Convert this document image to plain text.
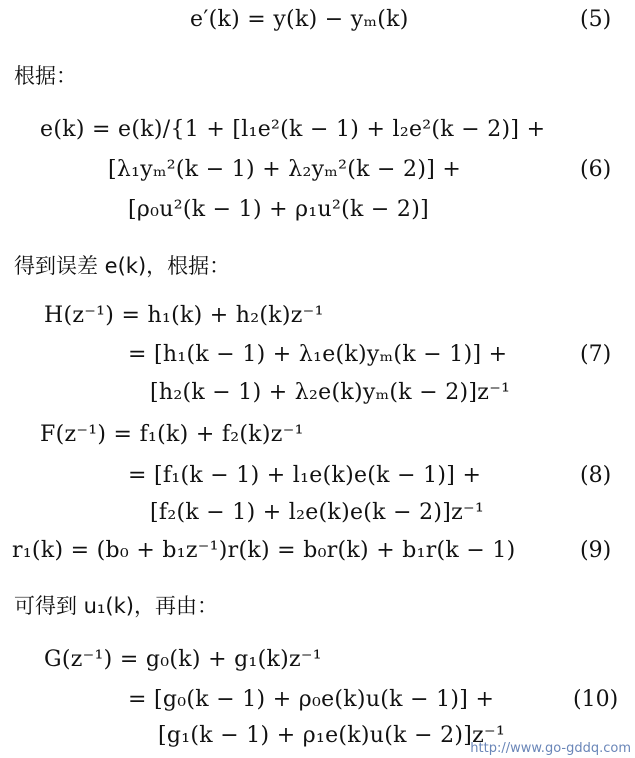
e′(k) = y(k) − yₘ(k)	(5)
根据：
e(k) = e(k)/{1 + [l₁e²(k − 1) + l₂e²(k − 2)] +
[λ₁yₘ²(k − 1) + λ₂yₘ²(k − 2)] +	(6)
[ρ₀u²(k − 1) + ρ₁u²(k − 2)]
得到误差 e(k)，根据：
H(z⁻¹) = h₁(k) + h₂(k)z⁻¹
= [h₁(k − 1) + λ₁e(k)yₘ(k − 1)] +	(7)
[h₂(k − 1) + λ₂e(k)yₘ(k − 2)]z⁻¹
F(z⁻¹) = f₁(k) + f₂(k)z⁻¹
= [f₁(k − 1) + l₁e(k)e(k − 1)] +	(8)
[f₂(k − 1) + l₂e(k)e(k − 2)]z⁻¹
r₁(k) = (b₀ + b₁z⁻¹)r(k) = b₀r(k) + b₁r(k − 1)	(9)
可得到 u₁(k)，再由：
G(z⁻¹) = g₀(k) + g₁(k)z⁻¹
= [g₀(k − 1) + ρ₀e(k)u(k − 1)] +	(10)
[g₁(k − 1) + ρ₁e(k)u(k − 2)]z⁻¹
http://www.go-gddq.com
